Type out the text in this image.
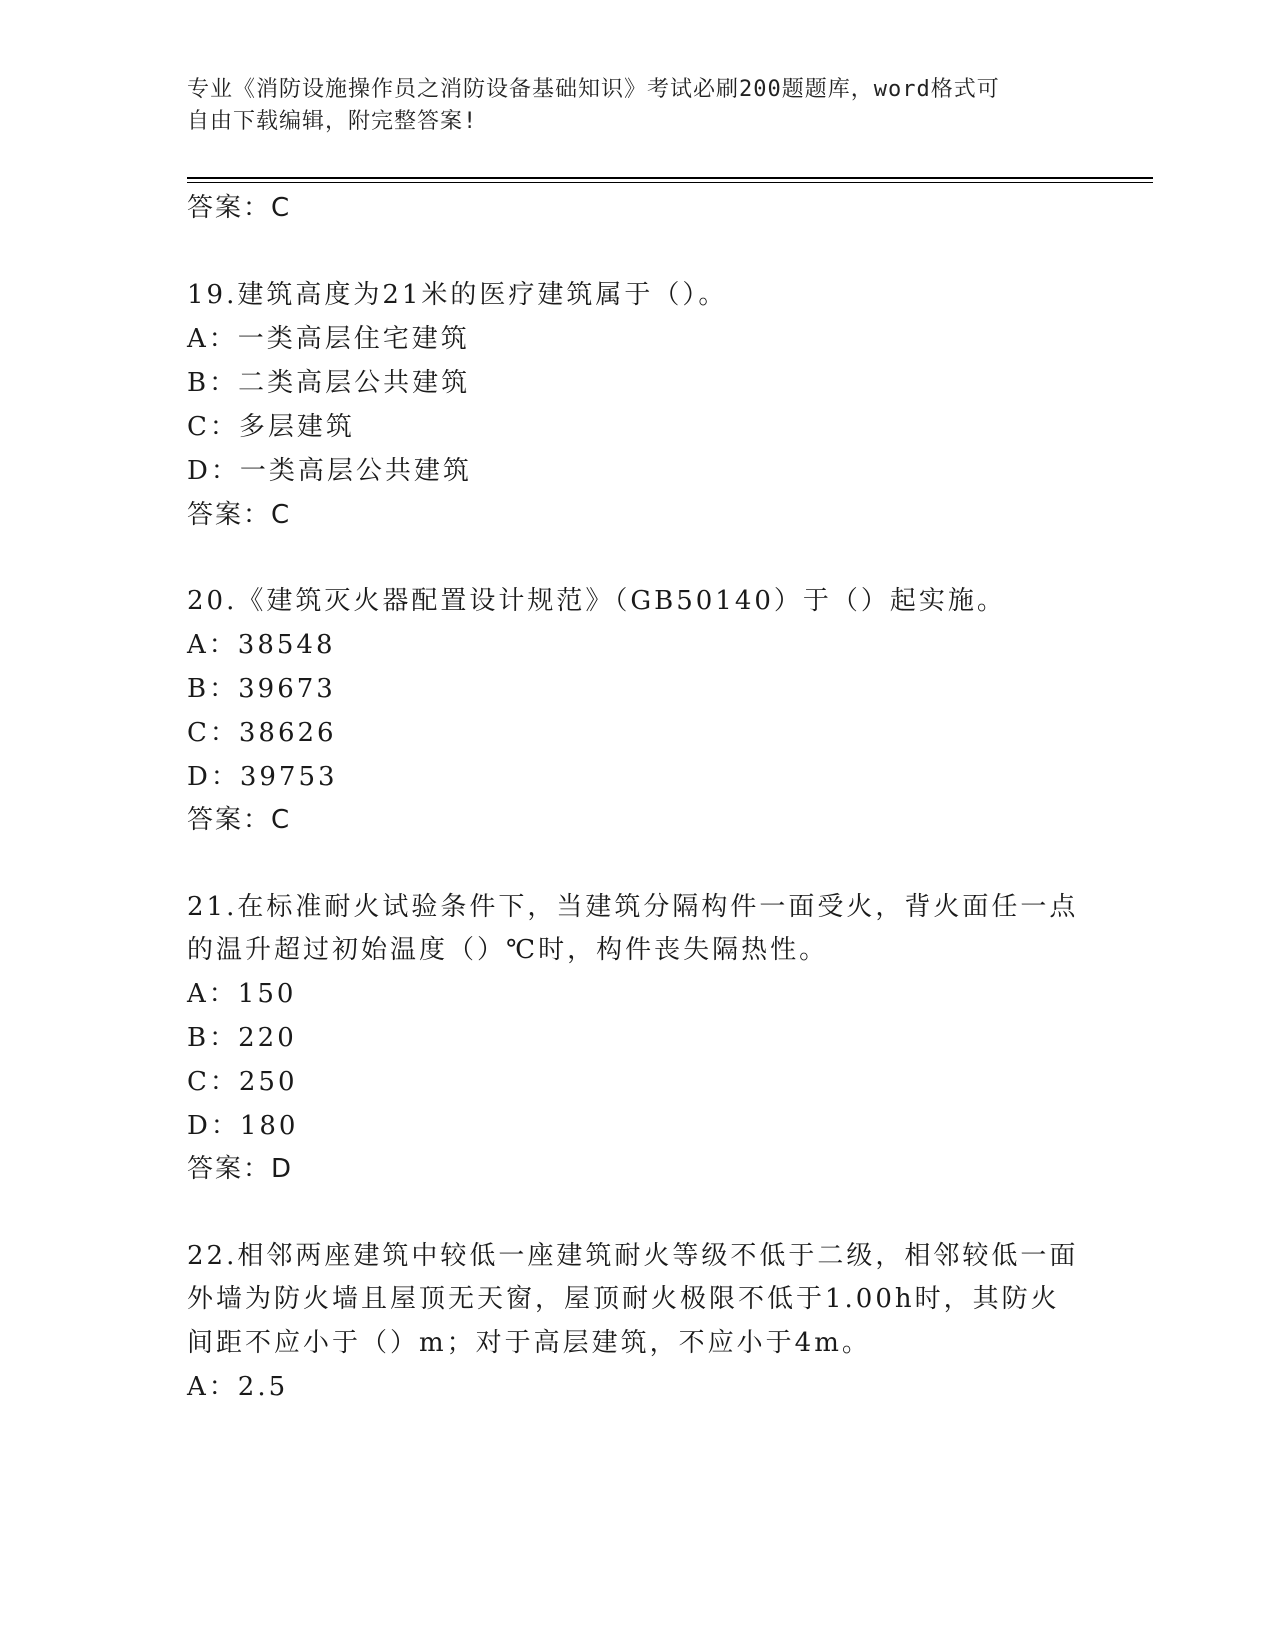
专业《消防设施操作员之消防设备基础知识》考试必刷200题题库，word格式可
自由下载编辑，附完整答案!
答案：C
19.建筑高度为21米的医疗建筑属于（）。
A：一类高层住宅建筑
B：二类高层公共建筑
C：多层建筑
D：一类高层公共建筑
答案：C
20.《建筑灭火器配置设计规范》（GB50140）于（）起实施。
A：38548
B：39673
C：38626
D：39753
答案：C
21.在标准耐火试验条件下，当建筑分隔构件一面受火，背火面任一点
的温升超过初始温度（）℃时，构件丧失隔热性。
A：150
B：220
C：250
D：180
答案：D
22.相邻两座建筑中较低一座建筑耐火等级不低于二级，相邻较低一面
外墙为防火墙且屋顶无天窗，屋顶耐火极限不低于1.00h时，其防火
间距不应小于（）m；对于高层建筑，不应小于4m。
A：2.5
